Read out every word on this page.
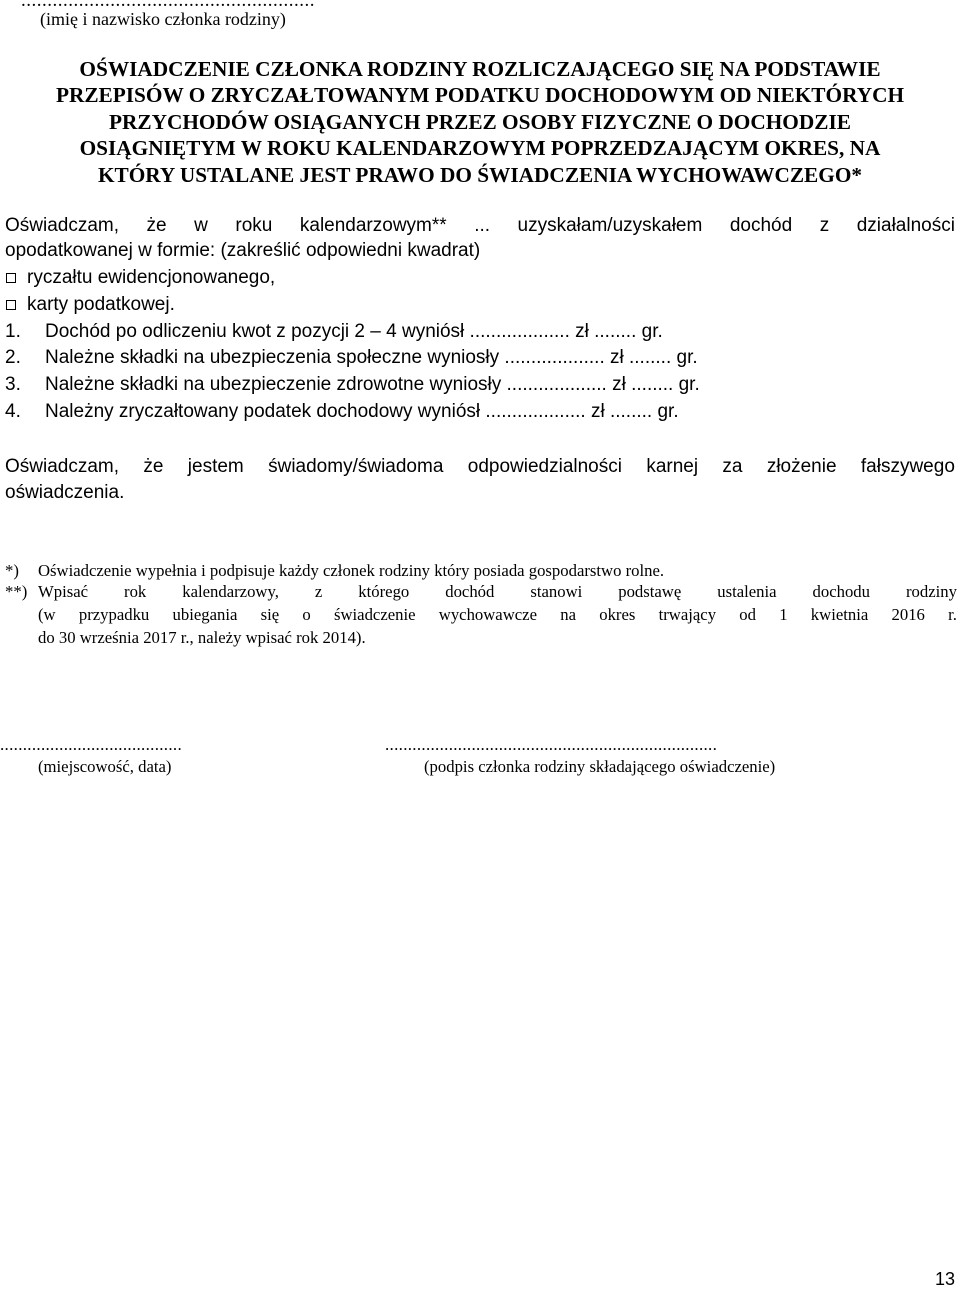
........................................................
(imię i nazwisko członka rodziny)
OŚWIADCZENIE CZŁONKA RODZINY ROZLICZAJĄCEGO SIĘ NA PODSTAWIE
PRZEPISÓW O ZRYCZAŁTOWANYM PODATKU DOCHODOWYM OD NIEKTÓRYCH
PRZYCHODÓW OSIĄGANYCH PRZEZ OSOBY FIZYCZNE O DOCHODZIE
OSIĄGNIĘTYM W ROKU KALENDARZOWYM POPRZEDZAJĄCYM OKRES, NA
KTÓRY USTALANE JEST PRAWO DO ŚWIADCZENIA WYCHOWAWCZEGO*
Oświadczam, że w roku kalendarzowym** ... uzyskałam/uzyskałem dochód z działalności
opodatkowanej w formie: (zakreślić odpowiedni kwadrat)
ryczałtu ewidencjonowanego,
karty podatkowej.
1.	Dochód po odliczeniu kwot z pozycji 2 – 4 wyniósł ................... zł ........ gr.
2.	Należne składki na ubezpieczenia społeczne wyniosły ................... zł ........ gr.
3.	Należne składki na ubezpieczenie zdrowotne wyniosły ................... zł ........ gr.
4.	Należny zryczałtowany podatek dochodowy wyniósł ................... zł ........ gr.
Oświadczam, że jestem świadomy/świadoma odpowiedzialności karnej za złożenie fałszywego
oświadczenia.
*)	Oświadczenie wypełnia i podpisuje każdy członek rodziny który posiada gospodarstwo rolne.
**) Wpisać rok kalendarzowy, z którego dochód stanowi podstawę ustalenia dochodu rodziny
(w przypadku ubiegania się o świadczenie wychowawcze na okres trwający od 1 kwietnia 2016 r.
do 30 września 2017 r., należy wpisać rok 2014).
........................................	.........................................................................
(miejscowość, data)	(podpis członka rodziny składającego oświadczenie)
13
